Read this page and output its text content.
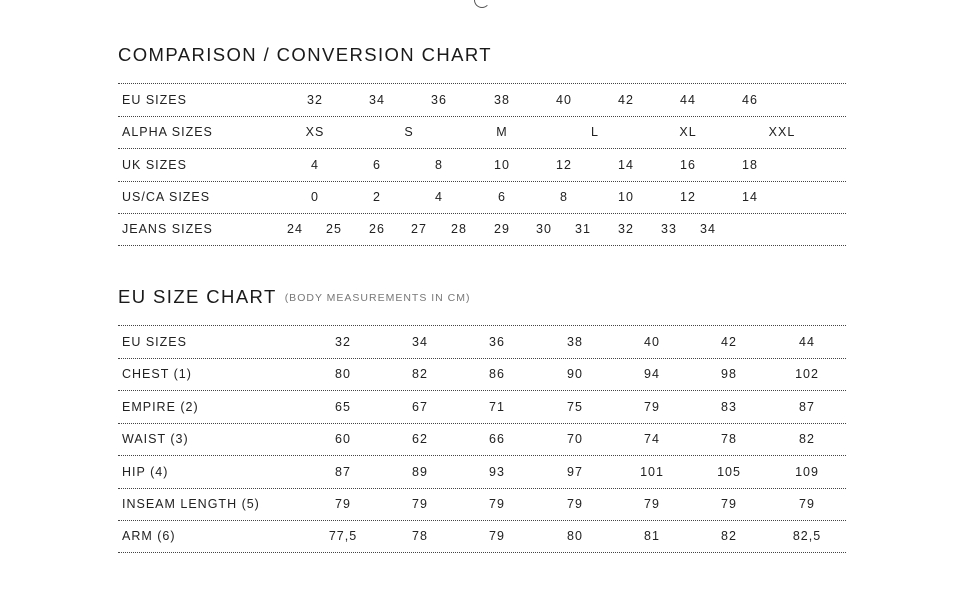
COMPARISON / CONVERSION CHART
EU SIZES	32	34	36	38	40	42	44	46
ALPHA SIZES	XS	S	M	L	XL	XXL
UK SIZES	4	6	8	10	12	14	16	18
US/CA SIZES	0	2	4	6	8	10	12	14
JEANS SIZES	24 25 26 27 28 29 30 31 32 33 34
EU SIZE CHART (BODY MEASUREMENTS IN CM)
EU SIZES	32	34	36	38	40	42	44
CHEST (1)	80	82	86	90	94	98	102
EMPIRE (2)	65	67	71	75	79	83	87
WAIST (3)	60	62	66	70	74	78	82
HIP (4)	87	89	93	97	101	105	109
INSEAM LENGTH (5)	79	79	79	79	79	79	79
ARM (6)	77,5	78	79	80	81	82	82,5
